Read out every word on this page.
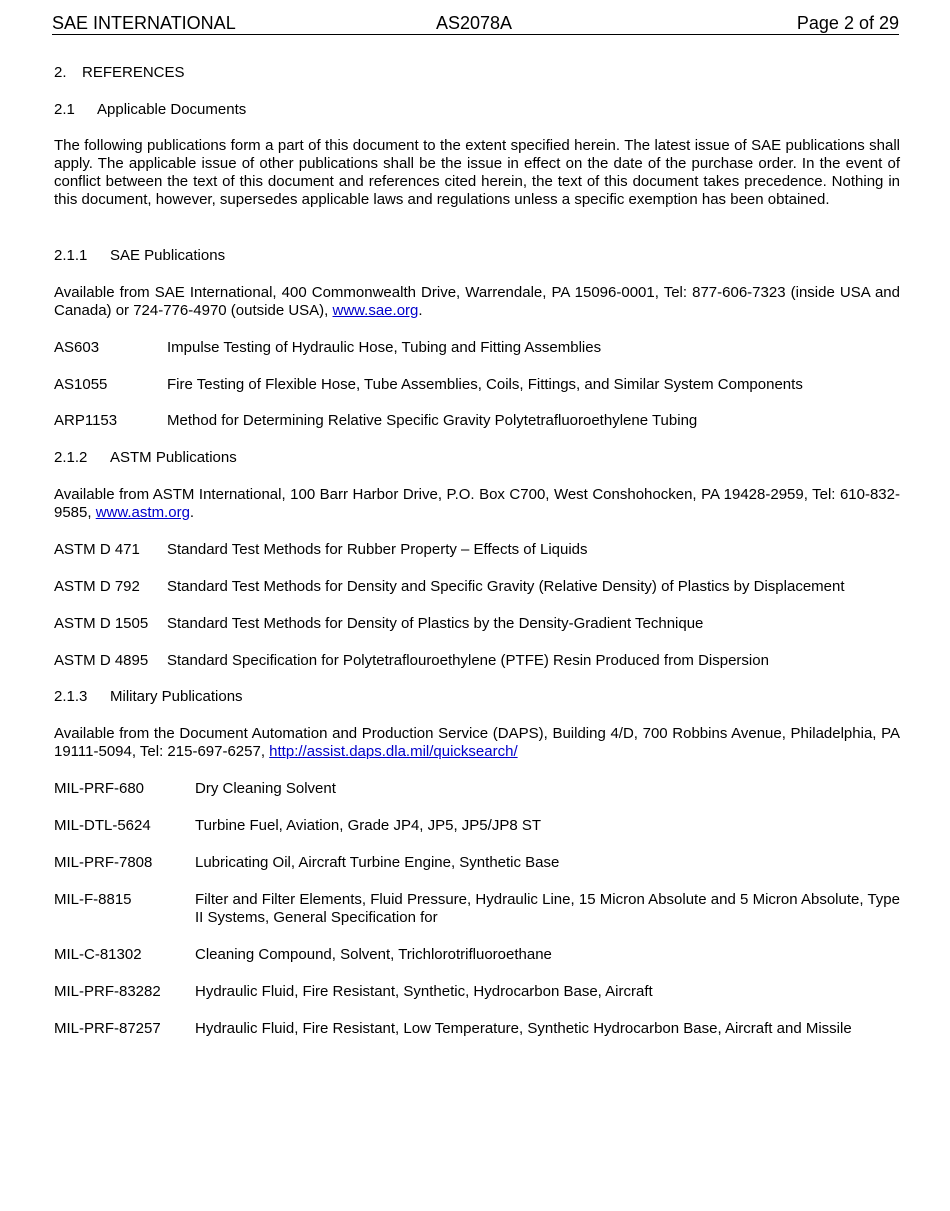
SAE INTERNATIONAL	AS2078A	Page 2 of 29
2. REFERENCES
2.1 Applicable Documents

The following publications form a part of this document to the extent specified herein. The latest issue of SAE publications shall apply. The applicable issue of other publications shall be the issue in effect on the date of the purchase order. In the event of conflict between the text of this document and references cited herein, the text of this document takes precedence. Nothing in this document, however, supersedes applicable laws and regulations unless a specific exemption has been obtained.

2.1.1 SAE Publications

Available from SAE International, 400 Commonwealth Drive, Warrendale, PA 15096-0001, Tel: 877-606-7323 (inside USA and Canada) or 724-776-4970 (outside USA), www.sae.org.

AS603	Impulse Testing of Hydraulic Hose, Tubing and Fitting Assemblies
AS1055	Fire Testing of Flexible Hose, Tube Assemblies, Coils, Fittings, and Similar System Components
ARP1153	Method for Determining Relative Specific Gravity Polytetrafluoroethylene Tubing
2.1.2 ASTM Publications

Available from ASTM International, 100 Barr Harbor Drive, P.O. Box C700, West Conshohocken, PA 19428-2959, Tel: 610-832-9585, www.astm.org.

ASTM D 471 Standard Test Methods for Rubber Property – Effects of Liquids
ASTM D 792 Standard Test Methods for Density and Specific Gravity (Relative Density) of Plastics by Displacement
ASTM D 1505 Standard Test Methods for Density of Plastics by the Density-Gradient Technique
ASTM D 4895 Standard Specification for Polytetraflouroethylene (PTFE) Resin Produced from Dispersion
2.1.3 Military Publications

Available from the Document Automation and Production Service (DAPS), Building 4/D, 700 Robbins Avenue, Philadelphia, PA 19111-5094, Tel: 215-697-6257, http://assist.daps.dla.mil/quicksearch/

MIL-PRF-680	Dry Cleaning Solvent
MIL-DTL-5624	Turbine Fuel, Aviation, Grade JP4, JP5, JP5/JP8 ST
MIL-PRF-7808	Lubricating Oil, Aircraft Turbine Engine, Synthetic Base
MIL-F-8815	Filter and Filter Elements, Fluid Pressure, Hydraulic Line, 15 Micron Absolute and 5 Micron Absolute, Type II Systems, General Specification for
MIL-C-81302	Cleaning Compound, Solvent, Trichlorotrifluoroethane
MIL-PRF-83282 Hydraulic Fluid, Fire Resistant, Synthetic, Hydrocarbon Base, Aircraft
MIL-PRF-87257 Hydraulic Fluid, Fire Resistant, Low Temperature, Synthetic Hydrocarbon Base, Aircraft and Missile
